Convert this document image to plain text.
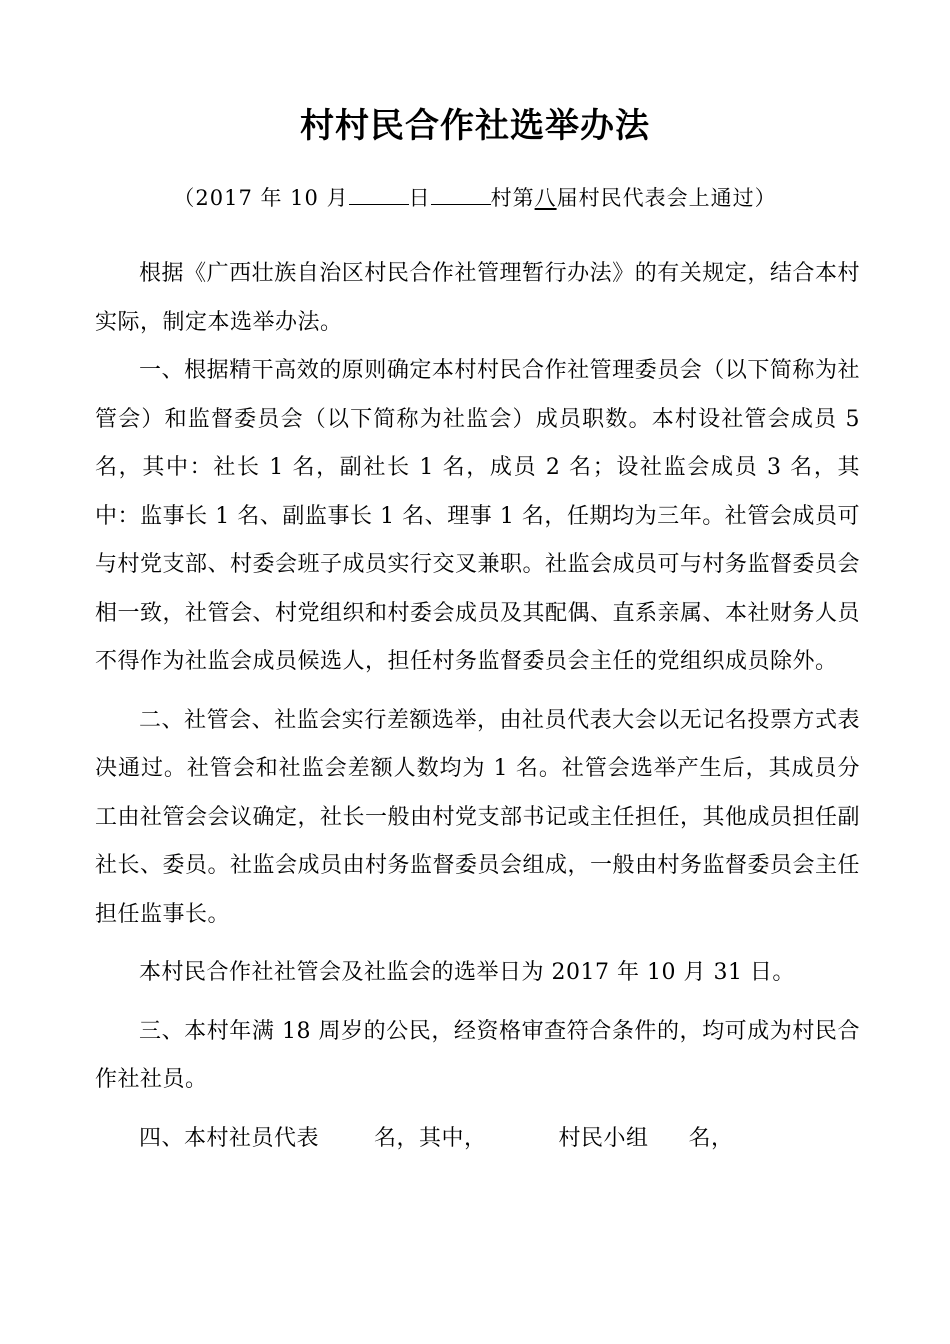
村村民合作社选举办法
（2017 年 10 月	日	村第八届村民代表会上通过）

根据《广西壮族自治区村民合作社管理暂行办法》的有关规定，结合本村实际，制定本选举办法。

一、根据精干高效的原则确定本村村民合作社管理委员会（以下简称为社管会）和监督委员会（以下简称为社监会）成员职数。本村设社管会成员 5 名，其中：社长 1 名，副社长 1 名，成员 2 名；设社监会成员 3 名，其中：监事长 1 名、副监事长 1 名、理事 1 名，任期均为三年。社管会成员可与村党支部、村委会班子成员实行交叉兼职。社监会成员可与村务监督委员会相一致，社管会、村党组织和村委会成员及其配偶、直系亲属、本社财务人员不得作为社监会成员候选人，担任村务监督委员会主任的党组织成员除外。

二、社管会、社监会实行差额选举，由社员代表大会以无记名投票方式表决通过。社管会和社监会差额人数均为 1 名。社管会选举产生后，其成员分工由社管会会议确定，社长一般由村党支部书记或主任担任，其他成员担任副社长、委员。社监会成员由村务监督委员会组成，一般由村务监督委员会主任担任监事长。

本村民合作社社管会及社监会的选举日为 2017 年 10 月 31 日。

三、本村年满 18 周岁的公民，经资格审查符合条件的，均可成为村民合作社社员。

四、本村社员代表	名，其中，	村民小组 名，
